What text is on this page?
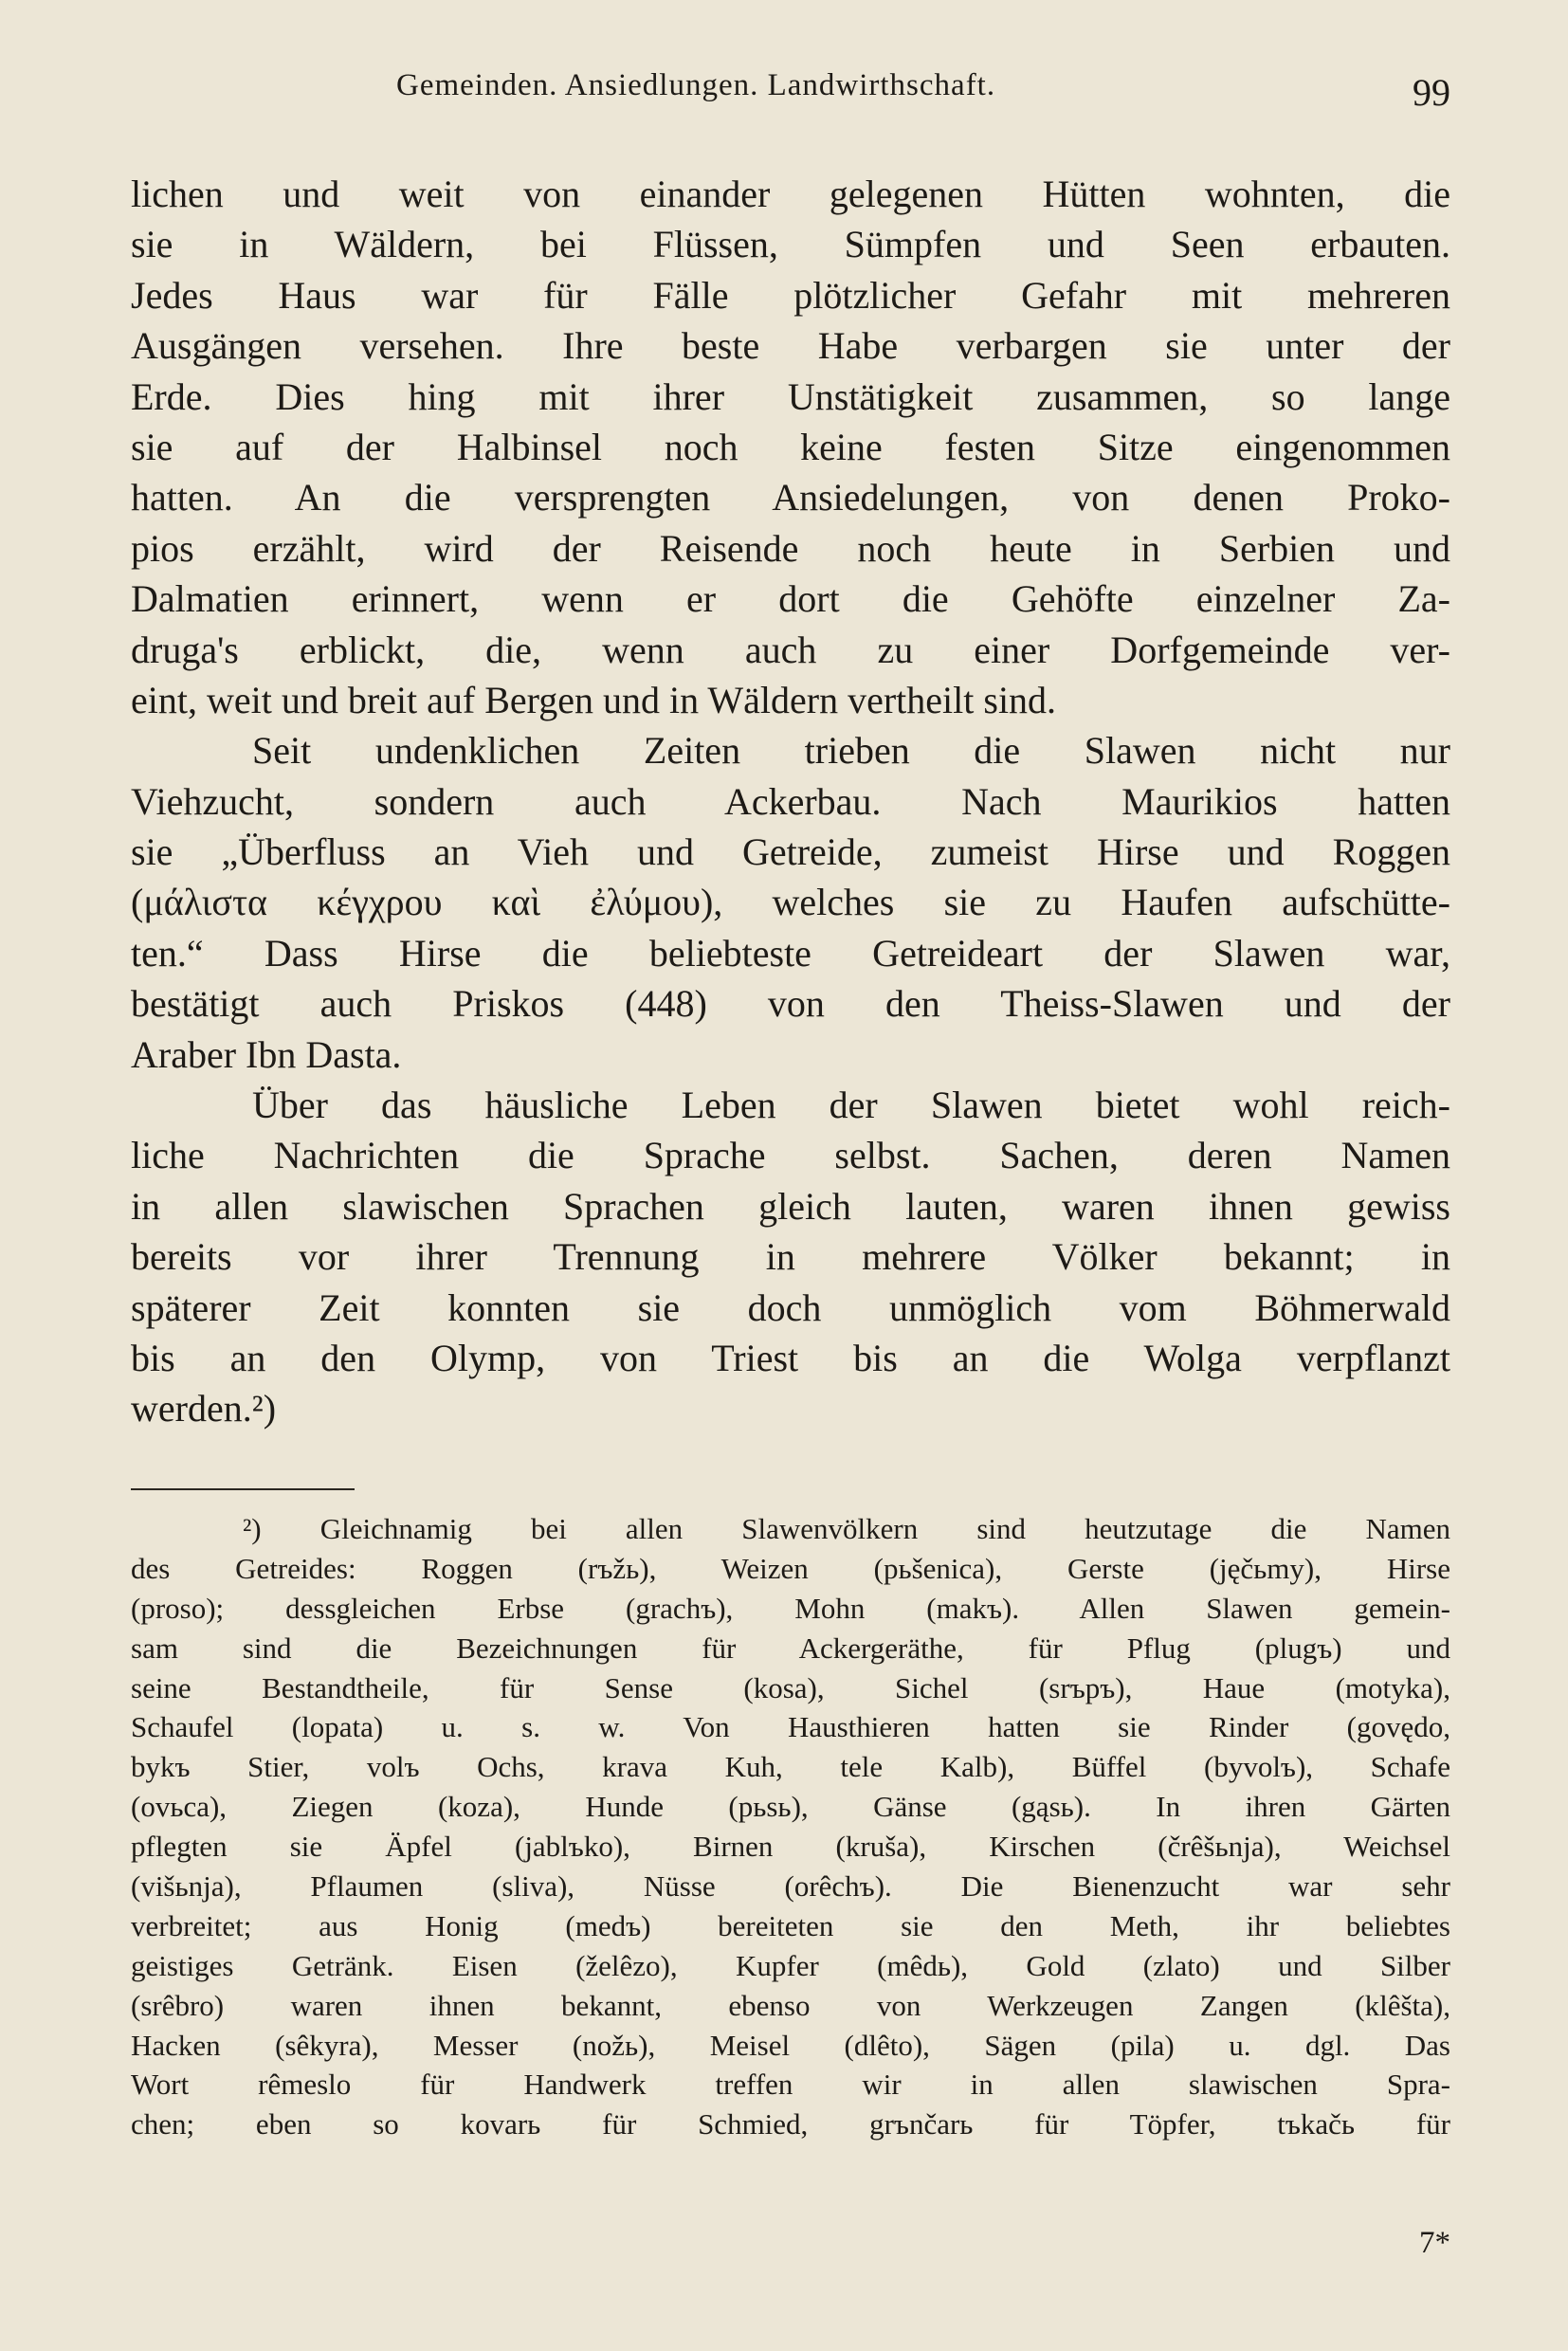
Gemeinden. Ansiedlungen. Landwirthschaft.	99
lichen und weit von einander gelegenen Hütten wohnten, die
sie in Wäldern, bei Flüssen, Sümpfen und Seen erbauten.
Jedes Haus war für Fälle plötzlicher Gefahr mit mehreren
Ausgängen versehen. Ihre beste Habe verbargen sie unter der
Erde. Dies hing mit ihrer Unstätigkeit zusammen, so lange
sie auf der Halbinsel noch keine festen Sitze eingenommen
hatten. An die versprengten Ansiedelungen, von denen Proko-
pios erzählt, wird der Reisende noch heute in Serbien und
Dalmatien erinnert, wenn er dort die Gehöfte einzelner Za-
druga's erblickt, die, wenn auch zu einer Dorfgemeinde ver-
eint, weit und breit auf Bergen und in Wäldern vertheilt sind.
Seit undenklichen Zeiten trieben die Slawen nicht nur
Viehzucht, sondern auch Ackerbau. Nach Maurikios hatten
sie „Überfluss an Vieh und Getreide, zumeist Hirse und Roggen
(μάλιστα κέγχρου καὶ ἐλύμου), welches sie zu Haufen aufschütte-
ten.“ Dass Hirse die beliebteste Getreideart der Slawen war,
bestätigt auch Priskos (448) von den Theiss-Slawen und der
Araber Ibn Dasta.
Über das häusliche Leben der Slawen bietet wohl reich-
liche Nachrichten die Sprache selbst. Sachen, deren Namen
in allen slawischen Sprachen gleich lauten, waren ihnen gewiss
bereits vor ihrer Trennung in mehrere Völker bekannt; in
späterer Zeit konnten sie doch unmöglich vom Böhmerwald
bis an den Olymp, von Triest bis an die Wolga verpflanzt
werden.²)
²) Gleichnamig bei allen Slawenvölkern sind heutzutage die Namen
des Getreides: Roggen (rъžь), Weizen (pьšenica), Gerste (jęčьmy), Hirse
(proso); dessgleichen Erbse (grachъ), Mohn (makъ). Allen Slawen gemein-
sam sind die Bezeichnungen für Ackergeräthe, für Pflug (plugъ) und
seine Bestandtheile, für Sense (kosa), Sichel (srъpъ), Haue (motyka),
Schaufel (lopata) u. s. w. Von Hausthieren hatten sie Rinder (govędo,
bykъ Stier, volъ Ochs, krava Kuh, tele Kalb), Büffel (byvolъ), Schafe
(ovьca), Ziegen (koza), Hunde (pьsь), Gänse (gąsь). In ihren Gärten
pflegten sie Äpfel (jablъko), Birnen (kruša), Kirschen (črêšьnja), Weichsel
(višьnja), Pflaumen (sliva), Nüsse (orêchъ). Die Bienenzucht war sehr
verbreitet; aus Honig (medъ) bereiteten sie den Meth, ihr beliebtes
geistiges Getränk. Eisen (želêzo), Kupfer (mêdь), Gold (zlato) und Silber
(srêbro) waren ihnen bekannt, ebenso von Werkzeugen Zangen (klêšta),
Hacken (sêkyra), Messer (nožь), Meisel (dlêto), Sägen (pila) u. dgl. Das
Wort rêmeslo für Handwerk treffen wir in allen slawischen Spra-
chen; eben so kovarь für Schmied, grъnčarь für Töpfer, tъkačь für
7*
